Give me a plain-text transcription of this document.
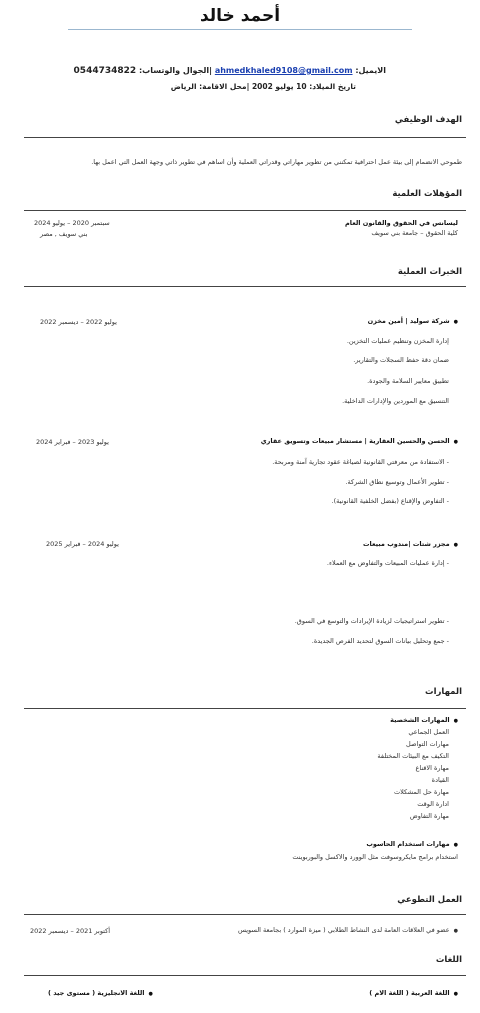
أحمد خالد
الايميل: ahmedkhaled9108@gmail.com |الجوال والوتساب: 0544734822
تاريخ الميلاد: 10 يوليو 2002 |محل الاقامة: الرياض
الهدف الوظيفي
طموحي الانضمام إلى بيئة عمل احترافية تمكنني من تطوير مهاراتي وقدراتي العملية وأن اساهم في تطوير ذاتي وجهة العمل التي اعمل بها.
المؤهلات العلمية
ليسانس في الحقوق والقانون العام
كلية الحقوق – جامعة بني سويف
سبتمبر 2020 – يوليو 2024
بني سويف , مصر
الخبرات العملية
● شركة سوليد | أمين مخزن
يوليو 2022 – ديسمبر 2022
إدارة المخزن وتنظيم عمليات التخزين.
ضمان دقة حفظ السجلات والتقارير.
تطبيق معايير السلامة والجودة.
التنسيق مع الموردين والإدارات الداخلية.
● الحسن والحسين العقارية | مستشار مبيعات وتسويق عقاري
يوليو 2023 – فبراير 2024
- الاستفادة من معرفتي القانونية لصياغة عقود تجارية آمنة ومربحة.
- تطوير الأعمال وتوسيع نطاق الشركة.
- التفاوض والإقناع (بفضل الخلفية القانونية).
● مجزر شتات |مندوب مبيعات
يوليو 2024 – فبراير 2025
- إدارة عمليات المبيعات والتفاوض مع العملاء.
- تطوير استراتيجيات لزيادة الإيرادات والتوسع في السوق.
- جمع وتحليل بيانات السوق لتحديد الفرص الجديدة.
المهارات
● المهارات الشخصية
العمل الجماعي
مهارات التواصل
التكيف مع البيئات المختلفة
مهارة الاقناع
القيادة
مهارة حل المشكلات
ادارة الوقت
مهارة التفاوض
● مهارات استخدام الحاسوب
استخدام برامج مايكروسوفت مثل الوورد والاكسل والبوربوينت
العمل التطوعي
● عضو في العلاقات العامة لدى النشاط الطلابي ( ميزة الموارد ) بجامعة السويس
أكتوبر 2021 – ديسمبر 2022
اللغات
● اللغة العربية ( اللغة الام )
● اللغة الانجليزية ( مستوى جيد )
